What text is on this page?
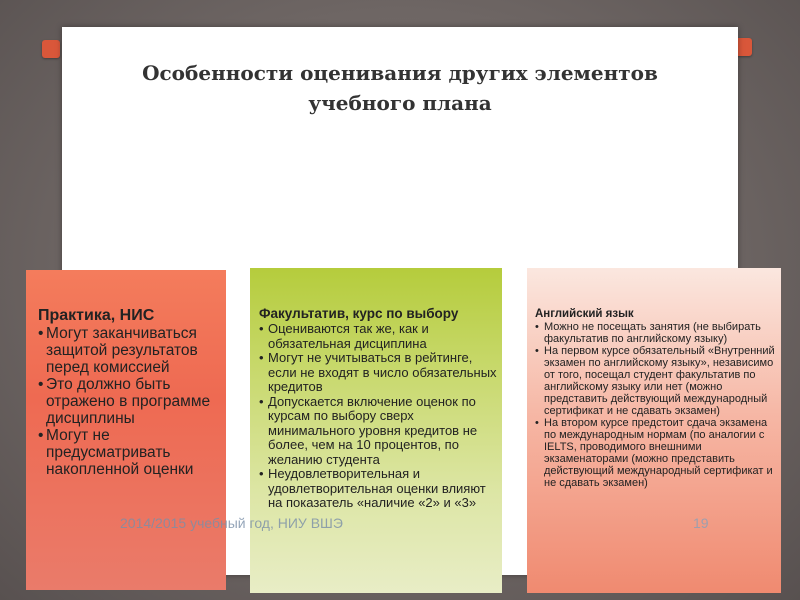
Особенности оценивания других элементов
учебного плана
Практика, НИС
• Могут заканчиваться защитой результатов перед комиссией
• Это должно быть отражено в программе дисциплины
• Могут не предусматривать накопленной оценки
Факультатив, курс по выбору
• Оцениваются так же, как и обязательная дисциплина
• Могут не учитываться в рейтинге, если не входят в число обязательных кредитов
• Допускается включение оценок по курсам по выбору сверх минимального уровня кредитов не более, чем на 10 процентов, по желанию студента
• Неудовлетворительная и удовлетворительная оценки влияют на показатель «наличие «2» и «3»
Английский язык
• Можно не посещать занятия (не выбирать факультатив по английскому языку)
• На первом курсе обязательный «Внутренний экзамен по английскому языку», независимо от того, посещал студент факультатив по английскому языку или нет (можно представить действующий международный сертификат и не сдавать экзамен)
• На втором курсе предстоит сдача экзамена по международным нормам (по аналогии с IELTS, проводимого внешними экзаменаторами (можно представить действующий международный сертификат и не сдавать экзамен)
2014/2015 учебный год, НИУ ВШЭ	19
